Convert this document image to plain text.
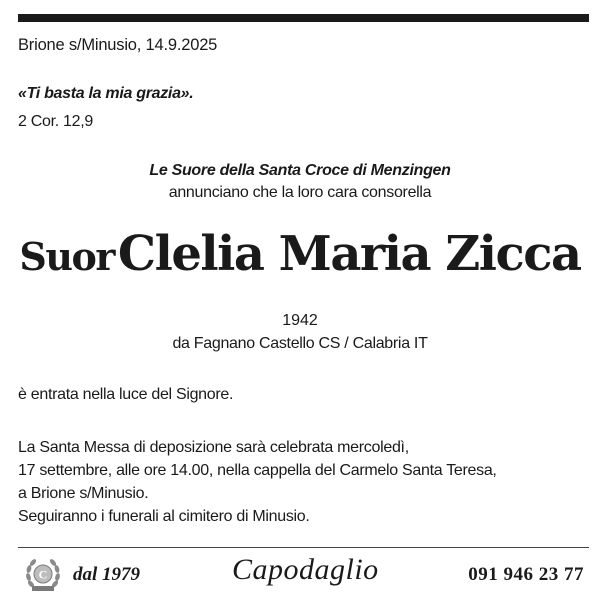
Brione s/Minusio, 14.9.2025
«Ti basta la mia grazia».
2 Cor. 12,9
Le Suore della Santa Croce di Menzingen
annunciano che la loro cara consorella
Suor Clelia Maria Zicca
1942
da Fagnano Castello CS / Calabria IT
è entrata nella luce del Signore.
La Santa Messa di deposizione sarà celebrata mercoledì,
17 settembre, alle ore 14.00, nella cappella del Carmelo Santa Teresa,
a Brione s/Minusio.
Seguiranno i funerali al cimitero di Minusio.
C dal 1979	Capodaglio	091 946 23 77
